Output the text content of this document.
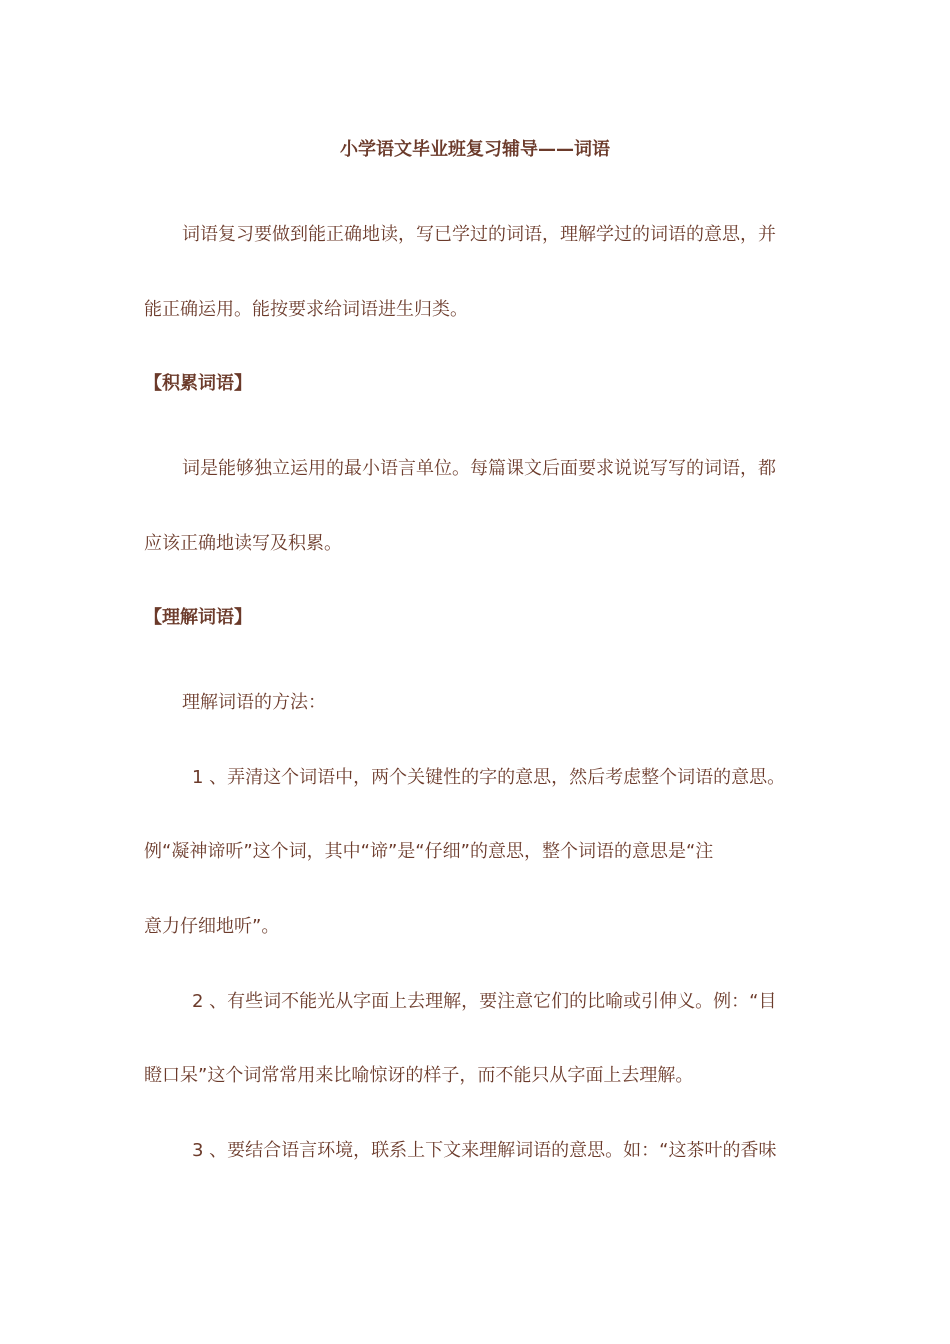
小学语文毕业班复习辅导——词语
词语复习要做到能正确地读，写已学过的词语，理解学过的词语的意思，并
能正确运用。能按要求给词语进生归类。
【积累词语】
词是能够独立运用的最小语言单位。每篇课文后面要求说说写写的词语，都
应该正确地读写及积累。
【理解词语】
理解词语的方法：
1 、弄清这个词语中，两个关键性的字的意思，然后考虑整个词语的意思。
例“凝神谛听”这个词，其中“谛”是“仔细”的意思，整个词语的意思是“注
意力仔细地听”。
2 、有些词不能光从字面上去理解，要注意它们的比喻或引伸义。例：“目
瞪口呆”这个词常常用来比喻惊讶的样子，而不能只从字面上去理解。
3 、要结合语言环境，联系上下文来理解词语的意思。如：“这茶叶的香味
